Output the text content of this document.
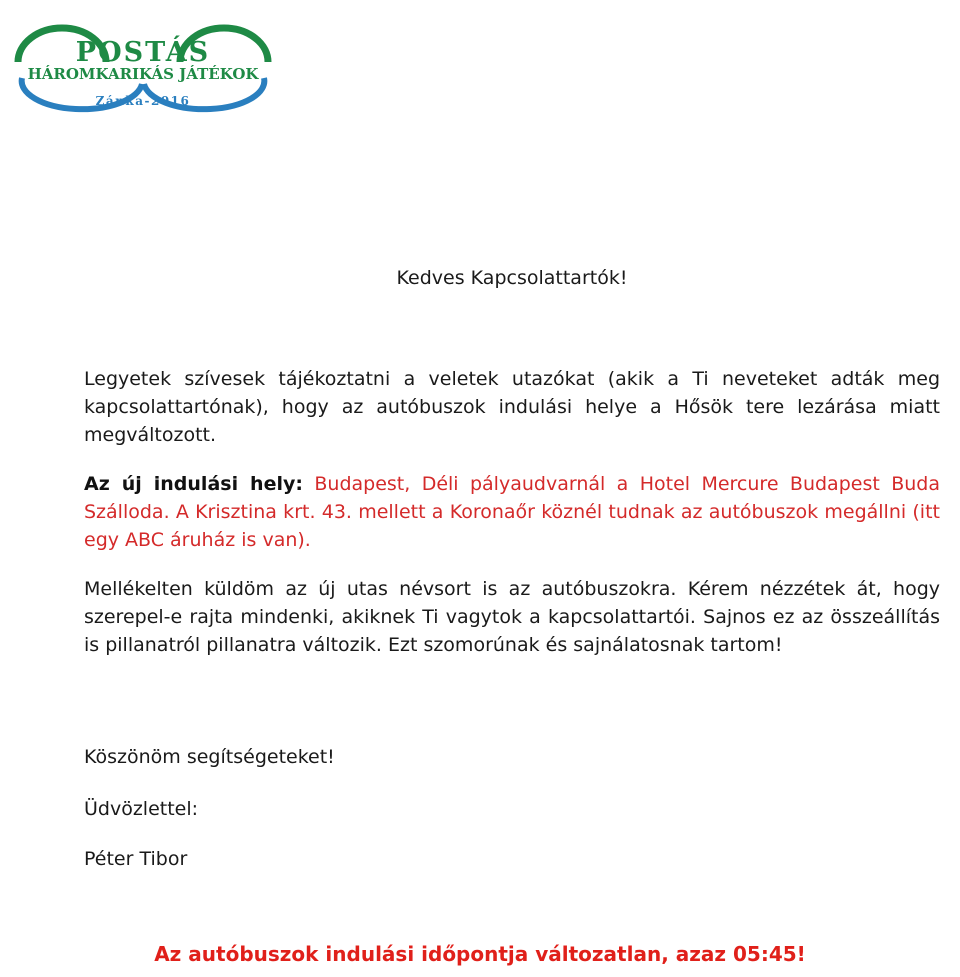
POSTÁS
HÁROMKARIKÁS JÁTÉKOK
Zánka-2016

Kedves Kapcsolattartók!

Legyetek szívesek tájékoztatni a veletek utazókat (akik a Ti neveteket adták meg kapcsolattartónak), hogy az autóbuszok indulási helye a Hősök tere lezárása miatt megváltozott.

Az új indulási hely: Budapest, Déli pályaudvarnál a Hotel Mercure Budapest Buda Szálloda. A Krisztina krt. 43. mellett a Koronaőr köznél tudnak az autóbuszok megállni (itt egy ABC áruház is van).

Mellékelten küldöm az új utas névsort is az autóbuszokra. Kérem nézzétek át, hogy szerepel-e rajta mindenki, akiknek Ti vagytok a kapcsolattartói. Sajnos ez az összeállítás is pillanatról pillanatra változik. Ezt szomorúnak és sajnálatosnak tartom!

Köszönöm segítségeteket!

Üdvözlettel:

Péter Tibor

Az autóbuszok indulási időpontja változatlan, azaz 05:45!
